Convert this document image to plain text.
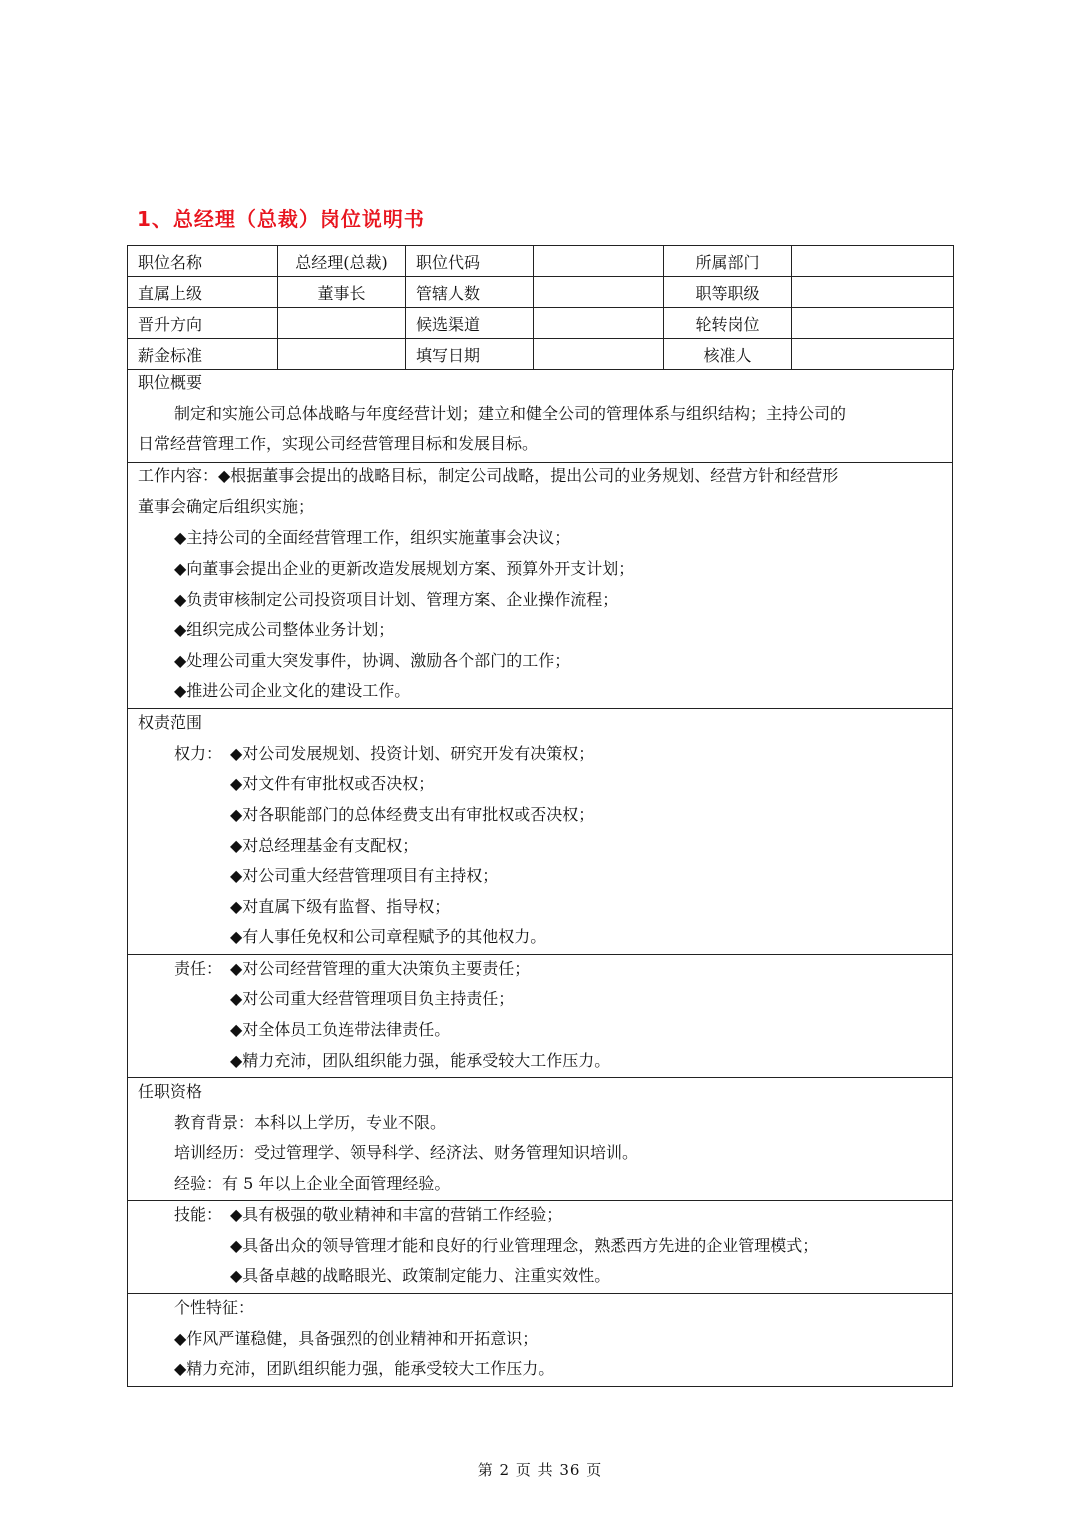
1、总经理（总裁）岗位说明书
职位名称	总经理(总裁)	职位代码		所属部门	
直属上级	董事长	管辖人数		职等职级	
晋升方向		候选渠道		轮转岗位	
薪金标准		填写日期		核准人	
职位概要
制定和实施公司总体战略与年度经营计划；建立和健全公司的管理体系与组织结构；主持公司的
日常经营管理工作，实现公司经营管理目标和发展目标。
工作内容：◆根据董事会提出的战略目标，制定公司战略，提出公司的业务规划、经营方针和经营形
董事会确定后组织实施；
◆主持公司的全面经营管理工作，组织实施董事会决议；
◆向董事会提出企业的更新改造发展规划方案、预算外开支计划；
◆负责审核制定公司投资项目计划、管理方案、企业操作流程；
◆组织完成公司整体业务计划；
◆处理公司重大突发事件，协调、激励各个部门的工作；
◆推进公司企业文化的建设工作。
权责范围
权力： ◆对公司发展规划、投资计划、研究开发有决策权；
◆对文件有审批权或否决权；
◆对各职能部门的总体经费支出有审批权或否决权；
◆对总经理基金有支配权；
◆对公司重大经营管理项目有主持权；
◆对直属下级有监督、指导权；
◆有人事任免权和公司章程赋予的其他权力。
责任： ◆对公司经营管理的重大决策负主要责任；
◆对公司重大经营管理项目负主持责任；
◆对全体员工负连带法律责任。
◆精力充沛，团队组织能力强，能承受较大工作压力。
任职资格
教育背景：本科以上学历，专业不限。
培训经历：受过管理学、领导科学、经济法、财务管理知识培训。
经验：有 5 年以上企业全面管理经验。
技能： ◆具有极强的敬业精神和丰富的营销工作经验；
◆具备出众的领导管理才能和良好的行业管理理念，熟悉西方先进的企业管理模式；
◆具备卓越的战略眼光、政策制定能力、注重实效性。
个性特征：
◆作风严谨稳健，具备强烈的创业精神和开拓意识；
◆精力充沛，团趴组织能力强，能承受较大工作压力。
第 2 页 共 36 页
